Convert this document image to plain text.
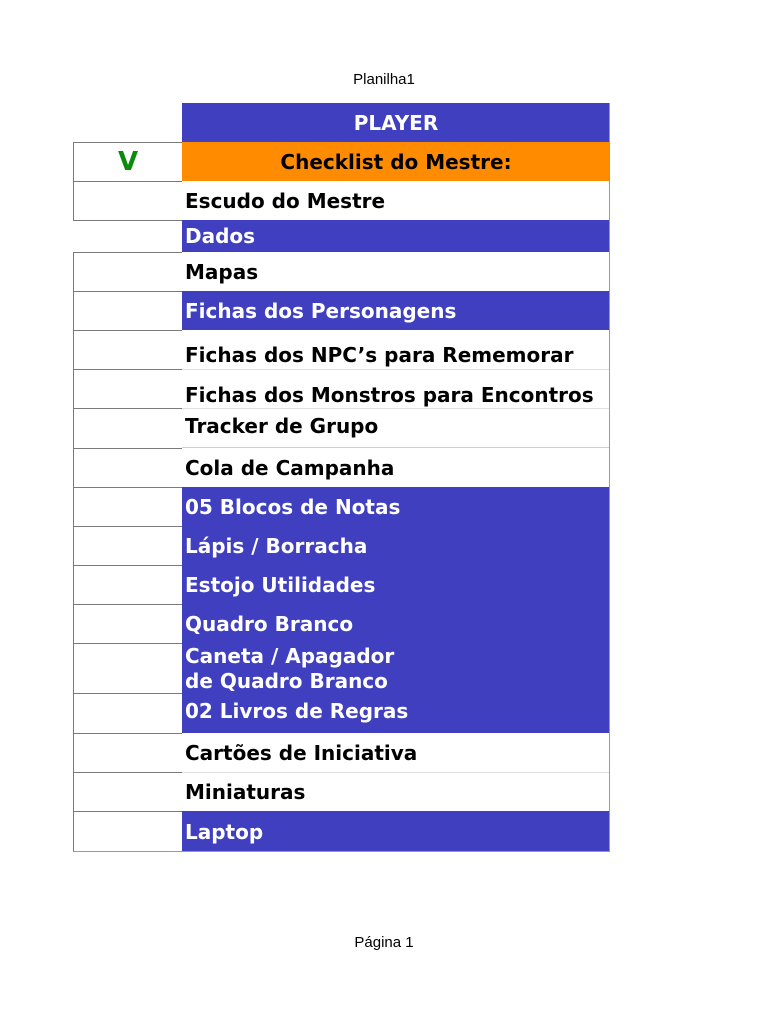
Planilha1
PLAYER
V	Checklist do Mestre:
Escudo do Mestre
Dados
Mapas
Fichas dos Personagens
Fichas dos NPC’s para Rememorar
Fichas dos Monstros para Encontros
Tracker de Grupo
Cola de Campanha
05 Blocos de Notas
Lápis / Borracha
Estojo Utilidades
Quadro Branco
Caneta / Apagador de Quadro Branco
02 Livros de Regras
Cartões de Iniciativa
Miniaturas
Laptop
Página 1
